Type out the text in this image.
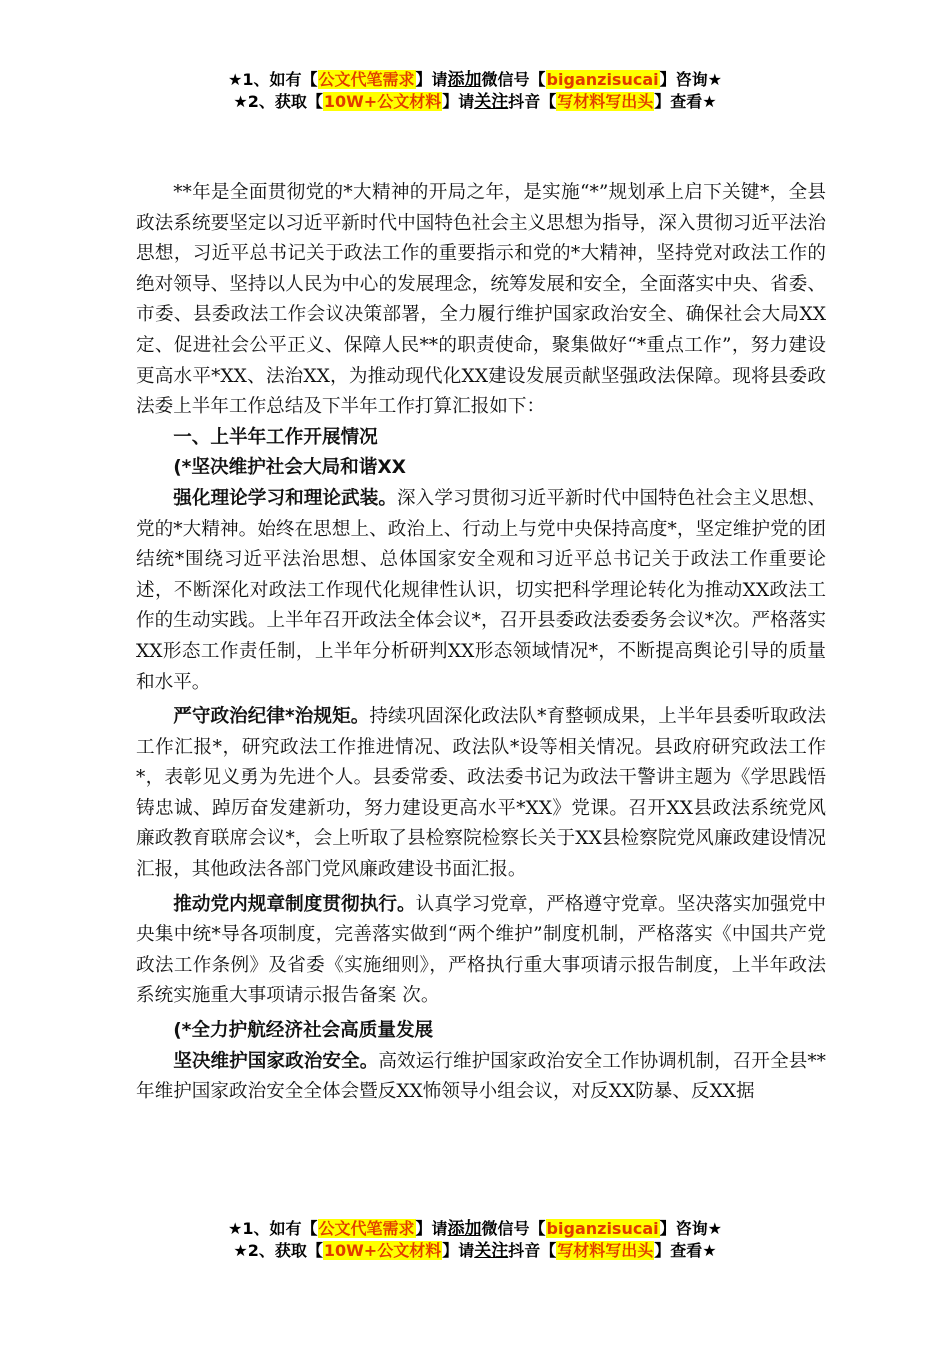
★1、如有【公文代笔需求】请添加微信号【biganzisucai】咨询★
★2、获取【10W+公文材料】请关注抖音【写材料写出头】查看★

**年是全面贯彻党的*大精神的开局之年，是实施“*”规划承上启下关键*，全县政法系统要坚定以习近平新时代中国特色社会主义思想为指导，深入贯彻习近平法治思想，习近平总书记关于政法工作的重要指示和党的*大精神，坚持党对政法工作的绝对领导、坚持以人民为中心的发展理念，统筹发展和安全，全面落实中央、省委、市委、县委政法工作会议决策部署，全力履行维护国家政治安全、确保社会大局XX定、促进社会公平正义、保障人民**的职责使命，聚集做好“*重点工作”，努力建设更高水平*XX、法治XX，为推动现代化XX建设发展贡献坚强政法保障。现将县委政法委上半年工作总结及下半年工作打算汇报如下：

一、上半年工作开展情况

(*坚决维护社会大局和谐XX

强化理论学习和理论武装。深入学习贯彻习近平新时代中国特色社会主义思想、党的*大精神。始终在思想上、政治上、行动上与党中央保持高度*，坚定维护党的团结统*围绕习近平法治思想、总体国家安全观和习近平总书记关于政法工作重要论述，不断深化对政法工作现代化规律性认识，切实把科学理论转化为推动XX政法工作的生动实践。上半年召开政法全体会议*，召开县委政法委委务会议*次。严格落实XX形态工作责任制，上半年分析研判XX形态领域情况*，不断提高舆论引导的质量和水平。

严守政治纪律*治规矩。持续巩固深化政法队*育整顿成果，上半年县委听取政法工作汇报*，研究政法工作推进情况、政法队*设等相关情况。县政府研究政法工作*，表彰见义勇为先进个人。县委常委、政法委书记为政法干警讲主题为《学思践悟铸忠诚、踔厉奋发建新功，努力建设更高水平*XX》党课。召开XX县政法系统党风廉政教育联席会议*，会上听取了县检察院检察长关于XX县检察院党风廉政建设情况汇报，其他政法各部门党风廉政建设书面汇报。

推动党内规章制度贯彻执行。认真学习党章，严格遵守党章。坚决落实加强党中央集中统*导各项制度，完善落实做到“两个维护”制度机制，严格落实《中国共产党政法工作条例》及省委《实施细则》，严格执行重大事项请示报告制度，上半年政法系统实施重大事项请示报告备案 次。

(*全力护航经济社会高质量发展

坚决维护国家政治安全。高效运行维护国家政治安全工作协调机制，召开全县**年维护国家政治安全全体会暨反XX怖领导小组会议，对反XX防暴、反XX据

★1、如有【公文代笔需求】请添加微信号【biganzisucai】咨询★
★2、获取【10W+公文材料】请关注抖音【写材料写出头】查看★
